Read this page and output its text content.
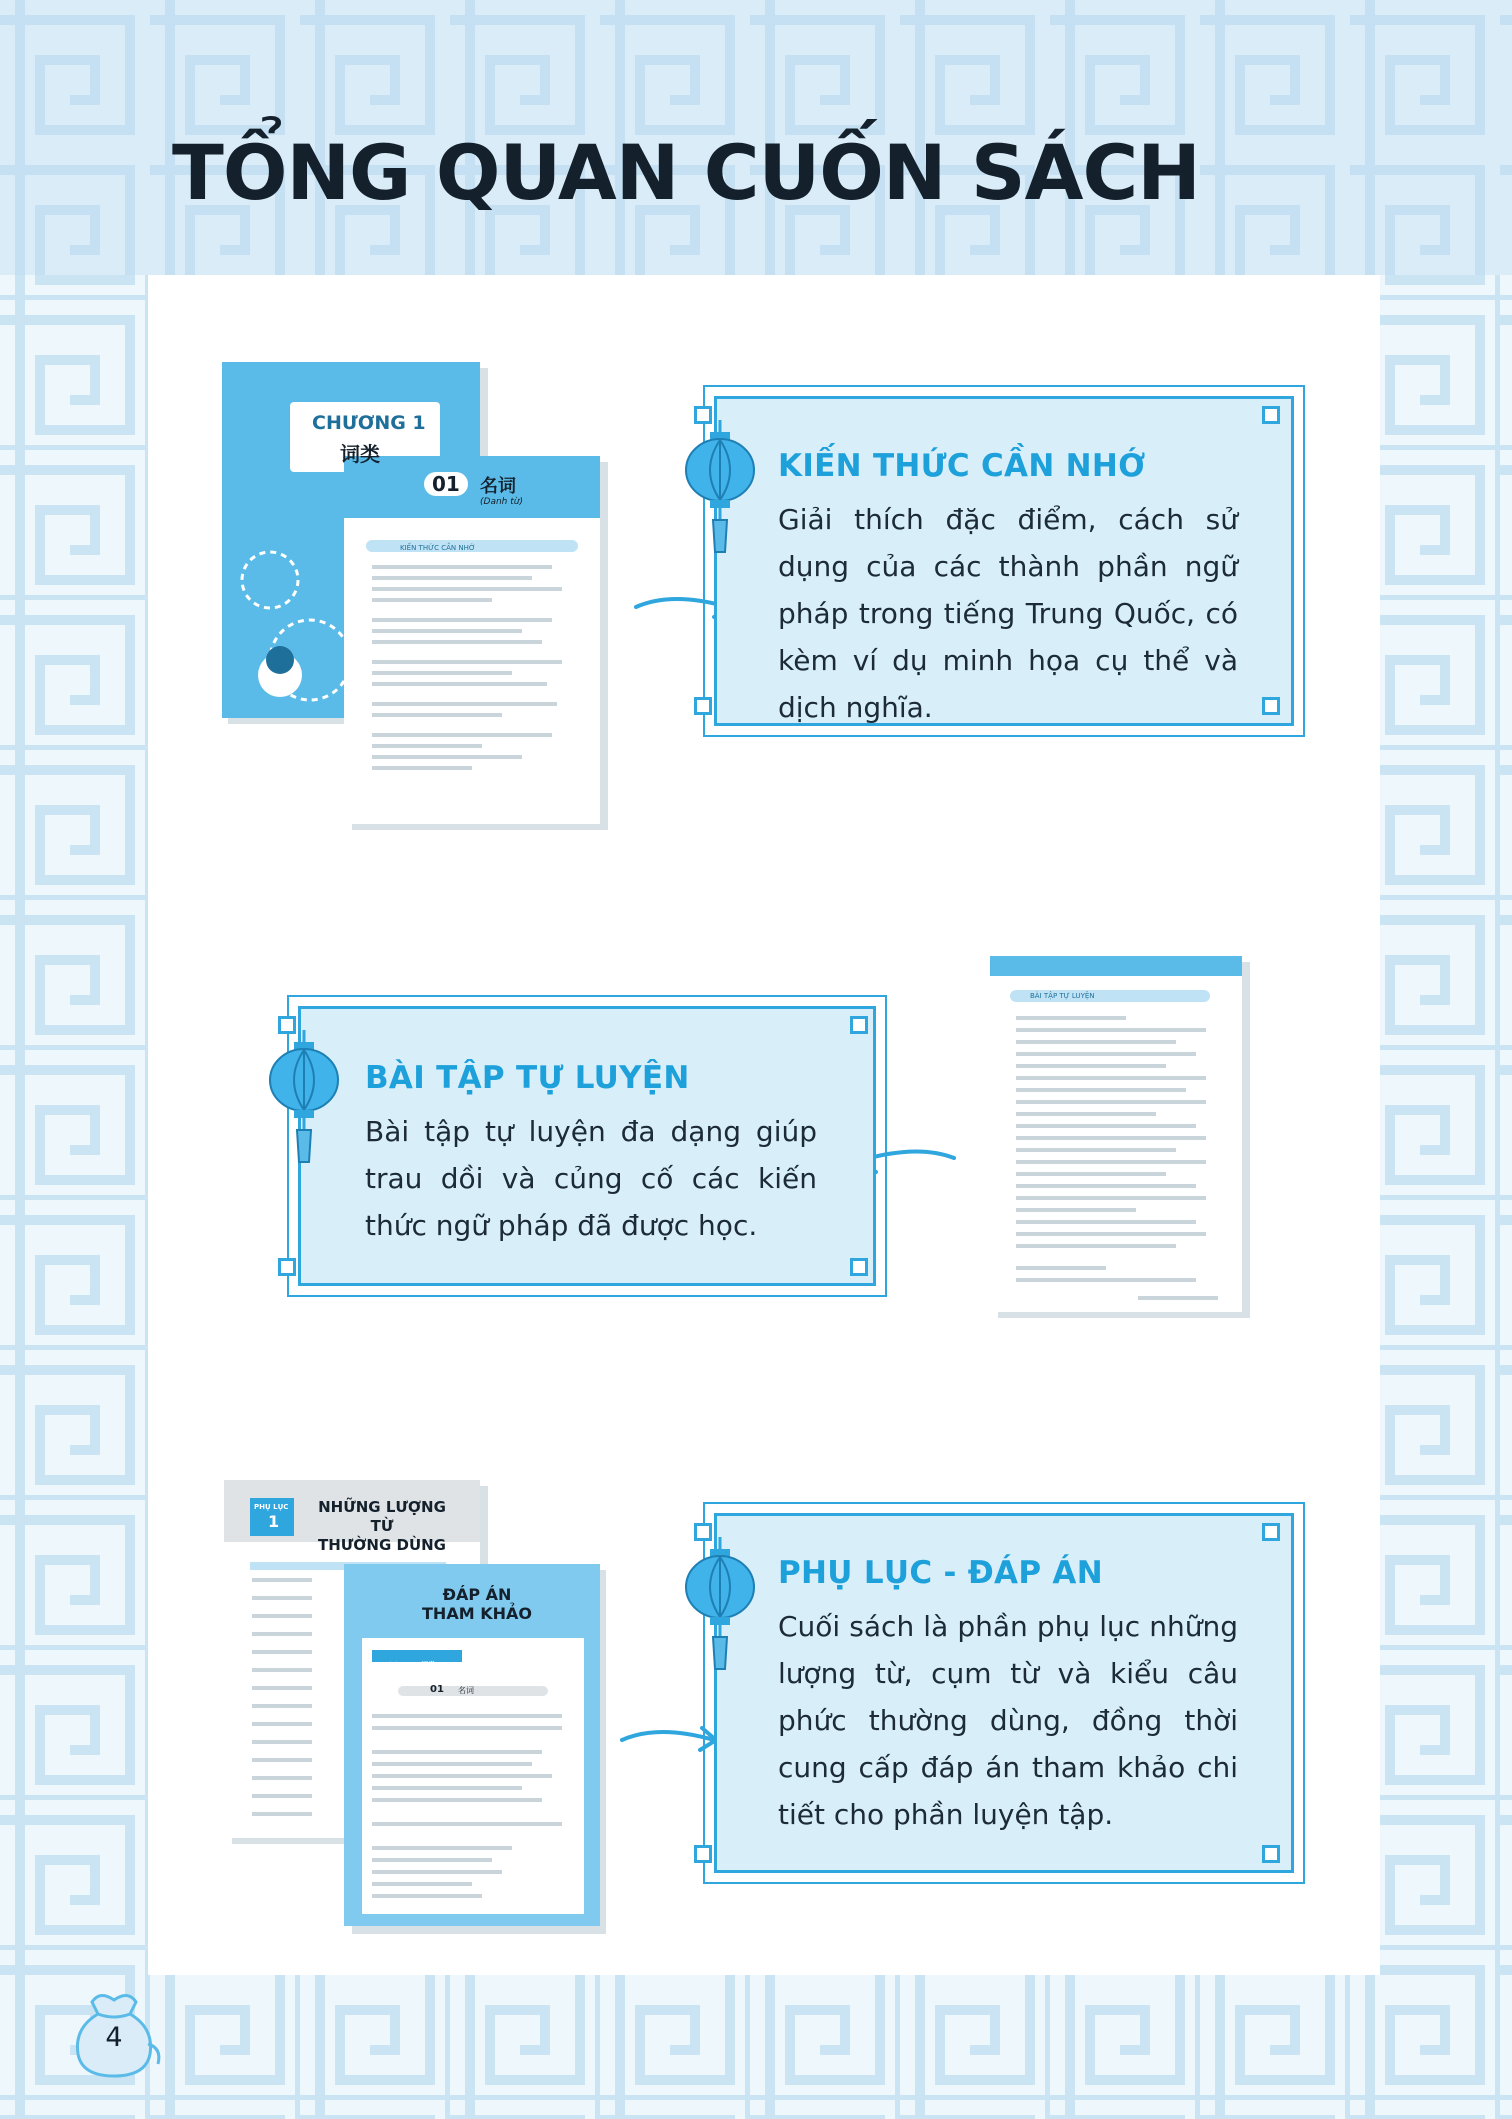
TỔNG QUAN CUỐN SÁCH
CHƯƠNG 1
词类
01	名词
(Danh từ)
KIẾN THỨC CẦN NHỚ
KIẾN THỨC CẦN NHỚ

Giải thích đặc điểm, cách sử dụng của các thành phần ngữ pháp trong tiếng Trung Quốc, có kèm ví dụ minh họa cụ thể và dịch nghĩa.

BÀI TẬP TỰ LUYỆN
BÀI TẬP TỰ LUYỆN

Bài tập tự luyện đa dạng giúp trau dồi và củng cố các kiến thức ngữ pháp đã được học.

PHỤ LỤC
1
NHỮNG LƯỢNG TỪ
THƯỜNG DÙNG
ĐÁP ÁN
THAM KHẢO
CHƯƠNG 1: 词类
01 名词
PHỤ LỤC - ĐÁP ÁN

Cuối sách là phần phụ lục những lượng từ, cụm từ và kiểu câu phức thường dùng, đồng thời cung cấp đáp án tham khảo chi tiết cho phần luyện tập.

4
